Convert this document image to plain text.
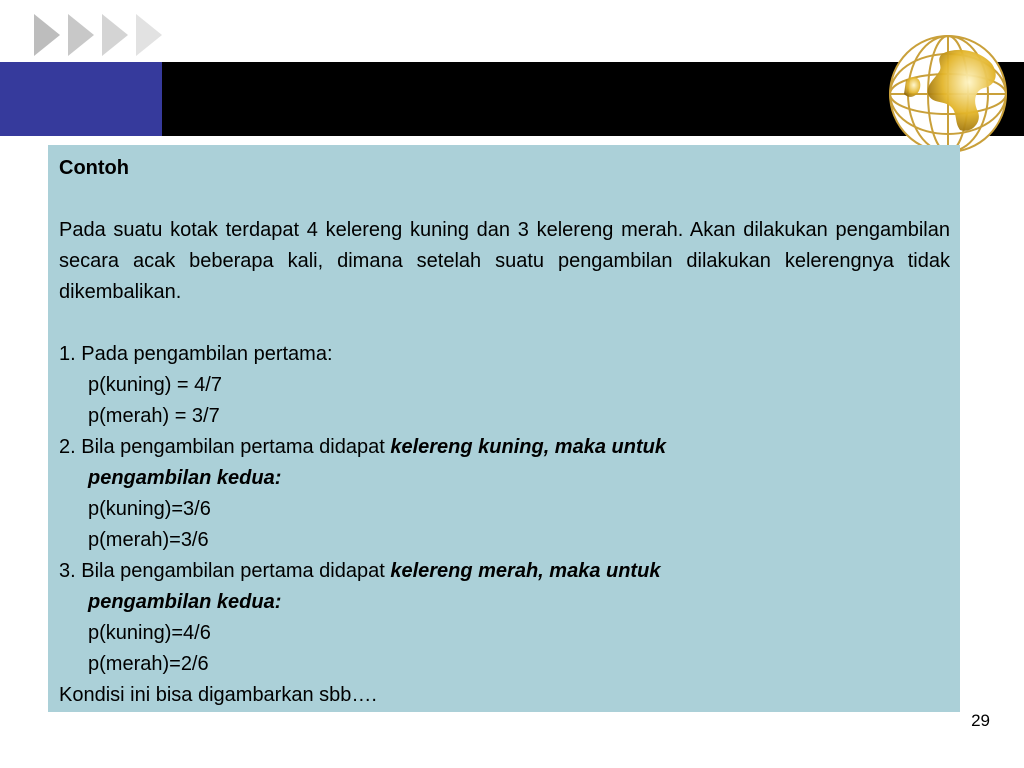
Contoh
Pada suatu kotak terdapat 4 kelereng kuning dan 3 kelereng merah. Akan dilakukan pengambilan secara acak beberapa kali, dimana setelah suatu pengambilan dilakukan kelerengnya tidak dikembalikan.
1. Pada pengambilan pertama:
p(kuning) = 4/7
p(merah) = 3/7
2. Bila pengambilan pertama didapat kelereng kuning, maka untuk
pengambilan kedua:
p(kuning)=3/6
p(merah)=3/6
3. Bila pengambilan pertama didapat kelereng merah, maka untuk
pengambilan kedua:
p(kuning)=4/6
p(merah)=2/6
Kondisi ini bisa digambarkan sbb….
29
